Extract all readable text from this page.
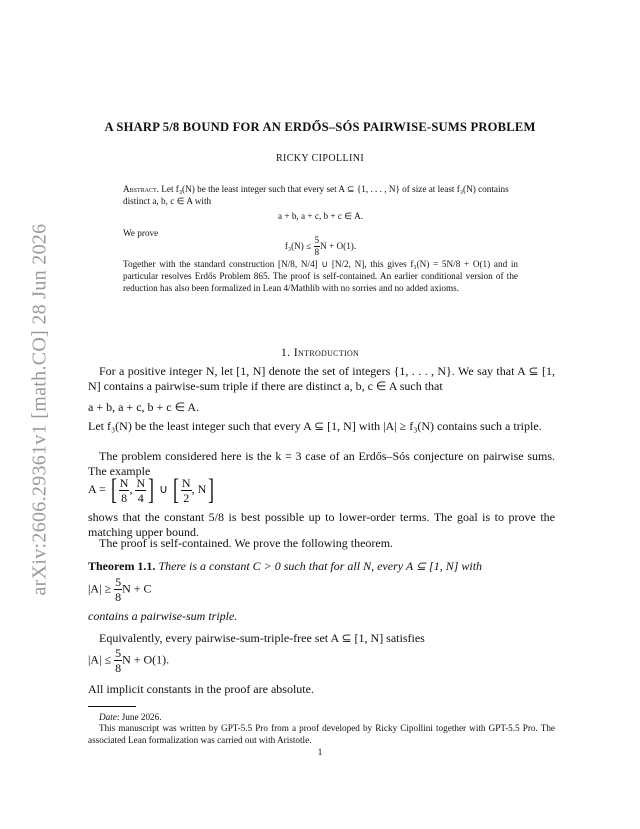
arXiv:2606.29361v1 [math.CO] 28 Jun 2026
A SHARP 5/8 BOUND FOR AN ERDŐS–SÓS PAIRWISE-SUMS PROBLEM
RICKY CIPOLLINI
Abstract. Let f₃(N) be the least integer such that every set A ⊆ {1, . . . , N} of size at least f₃(N) contains distinct a, b, c ∈ A with
a + b, a + c, b + c ∈ A.
We prove
$f_3(N) \le \frac{5}{8}$ N + O(1).
Together with the standard construction [N/8, N/4] ∪ [N/2, N], this gives f₃(N) = 5N/8 + O(1) and in particular resolves Erdős Problem 865. The proof is self-contained. An earlier conditional version of the reduction has also been formalized in Lean 4/Mathlib with no sorries and no added axioms.
1. Introduction
For a positive integer N, let [1, N] denote the set of integers {1, . . . , N}. We say that A ⊆ [1, N] contains a pairwise-sum triple if there are distinct a, b, c ∈ A such that
a + b, a + c, b + c ∈ A.
Let f₃(N) be the least integer such that every A ⊆ [1, N] with |A| ≥ f₃(N) contains such a triple.
The problem considered here is the k = 3 case of an Erdős–Sós conjecture on pairwise sums. The example
A = [ $\frac{N}{8}$ , $\frac{N}{4}$ ] ∪ [ $\frac{N}{2}$ , N]
shows that the constant 5/8 is best possible up to lower-order terms. The goal is to prove the matching upper bound.
The proof is self-contained. We prove the following theorem.
Theorem 1.1. There is a constant C > 0 such that for all N, every A ⊆ [1, N] with
$|A| \ge \frac{5}{8}$ N + C
contains a pairwise-sum triple.
Equivalently, every pairwise-sum-triple-free set A ⊆ [1, N] satisfies
$|A| \le \frac{5}{8}$ N + O(1).
All implicit constants in the proof are absolute.
Date: June 2026.
This manuscript was written by GPT-5.5 Pro from a proof developed by Ricky Cipollini together with GPT-5.5 Pro. The associated Lean formalization was carried out with Aristotle.
1
